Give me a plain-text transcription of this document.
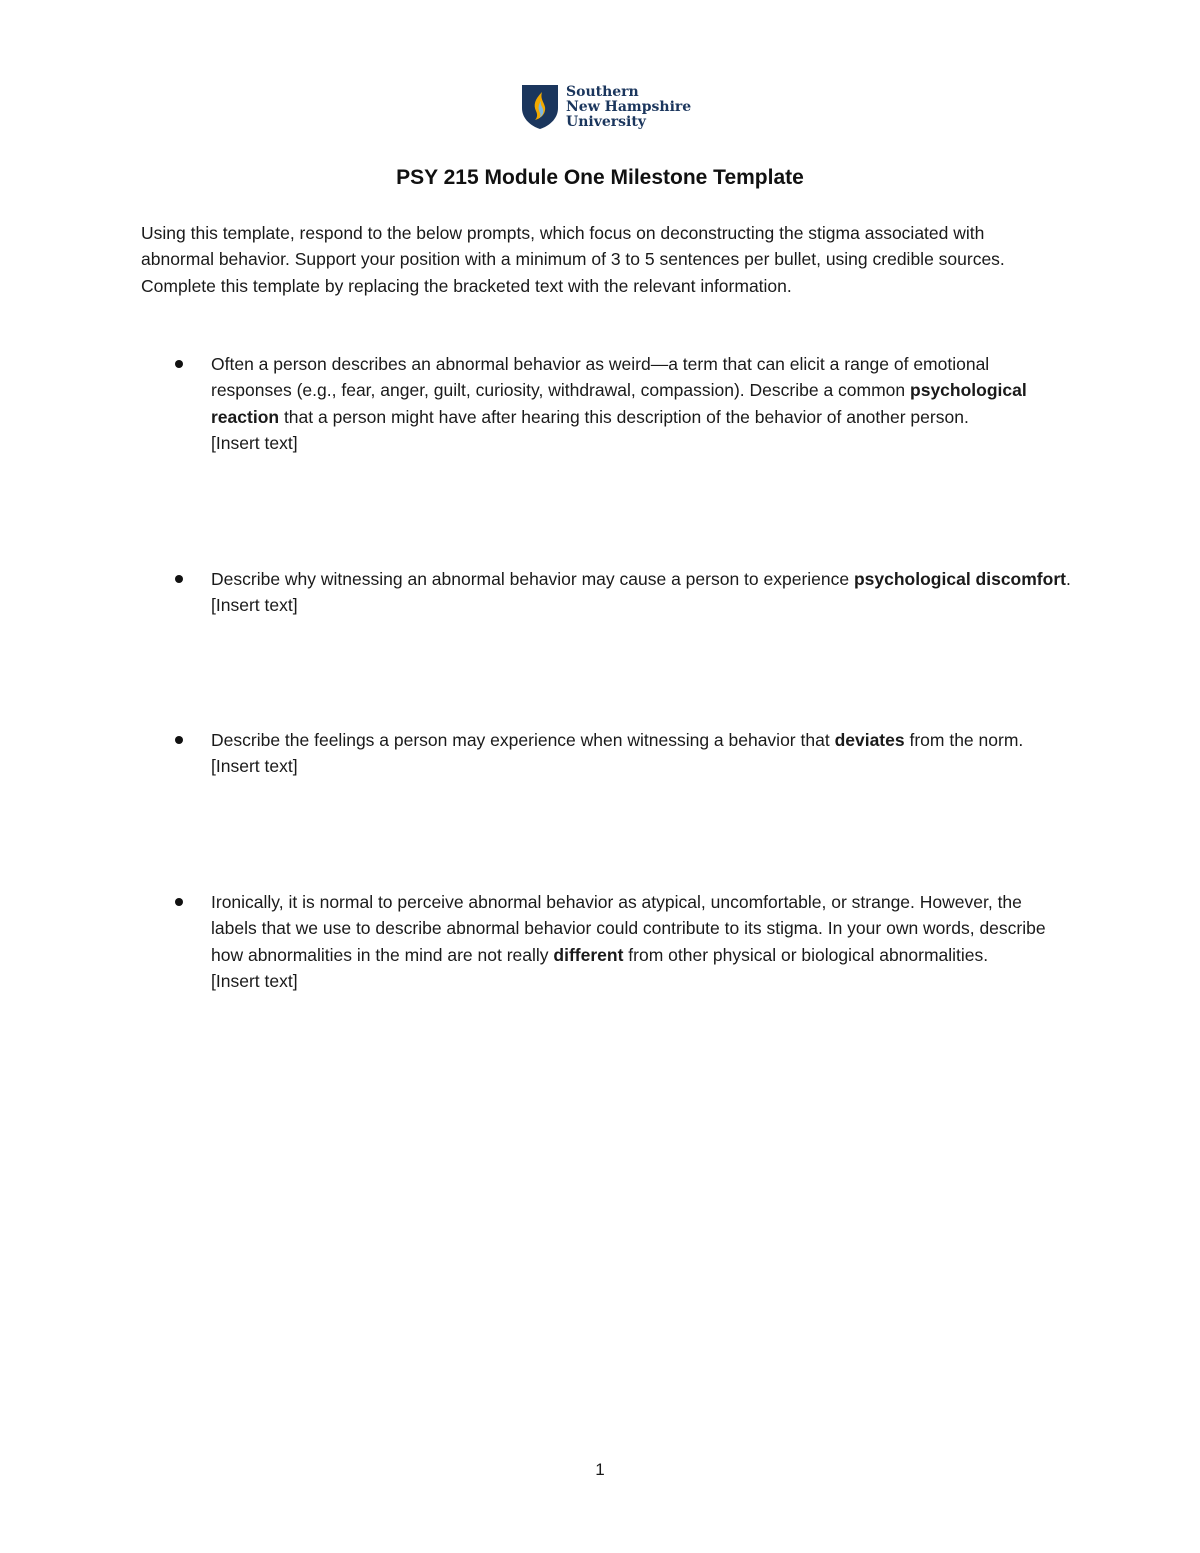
Southern
New Hampshire
University
PSY 215 Module One Milestone Template

Using this template, respond to the below prompts, which focus on deconstructing the stigma associated with abnormal behavior. Support your position with a minimum of 3 to 5 sentences per bullet, using credible sources. Complete this template by replacing the bracketed text with the relevant information.

Often a person describes an abnormal behavior as weird—a term that can elicit a range of emotional responses (e.g., fear, anger, guilt, curiosity, withdrawal, compassion). Describe a common psychological reaction that a person might have after hearing this description of the behavior of another person.

[Insert text]

Describe why witnessing an abnormal behavior may cause a person to experience psychological discomfort.

[Insert text]

Describe the feelings a person may experience when witnessing a behavior that deviates from the norm.

[Insert text]

Ironically, it is normal to perceive abnormal behavior as atypical, uncomfortable, or strange. However, the labels that we use to describe abnormal behavior could contribute to its stigma. In your own words, describe how abnormalities in the mind are not really different from other physical or biological abnormalities.

[Insert text]

1
